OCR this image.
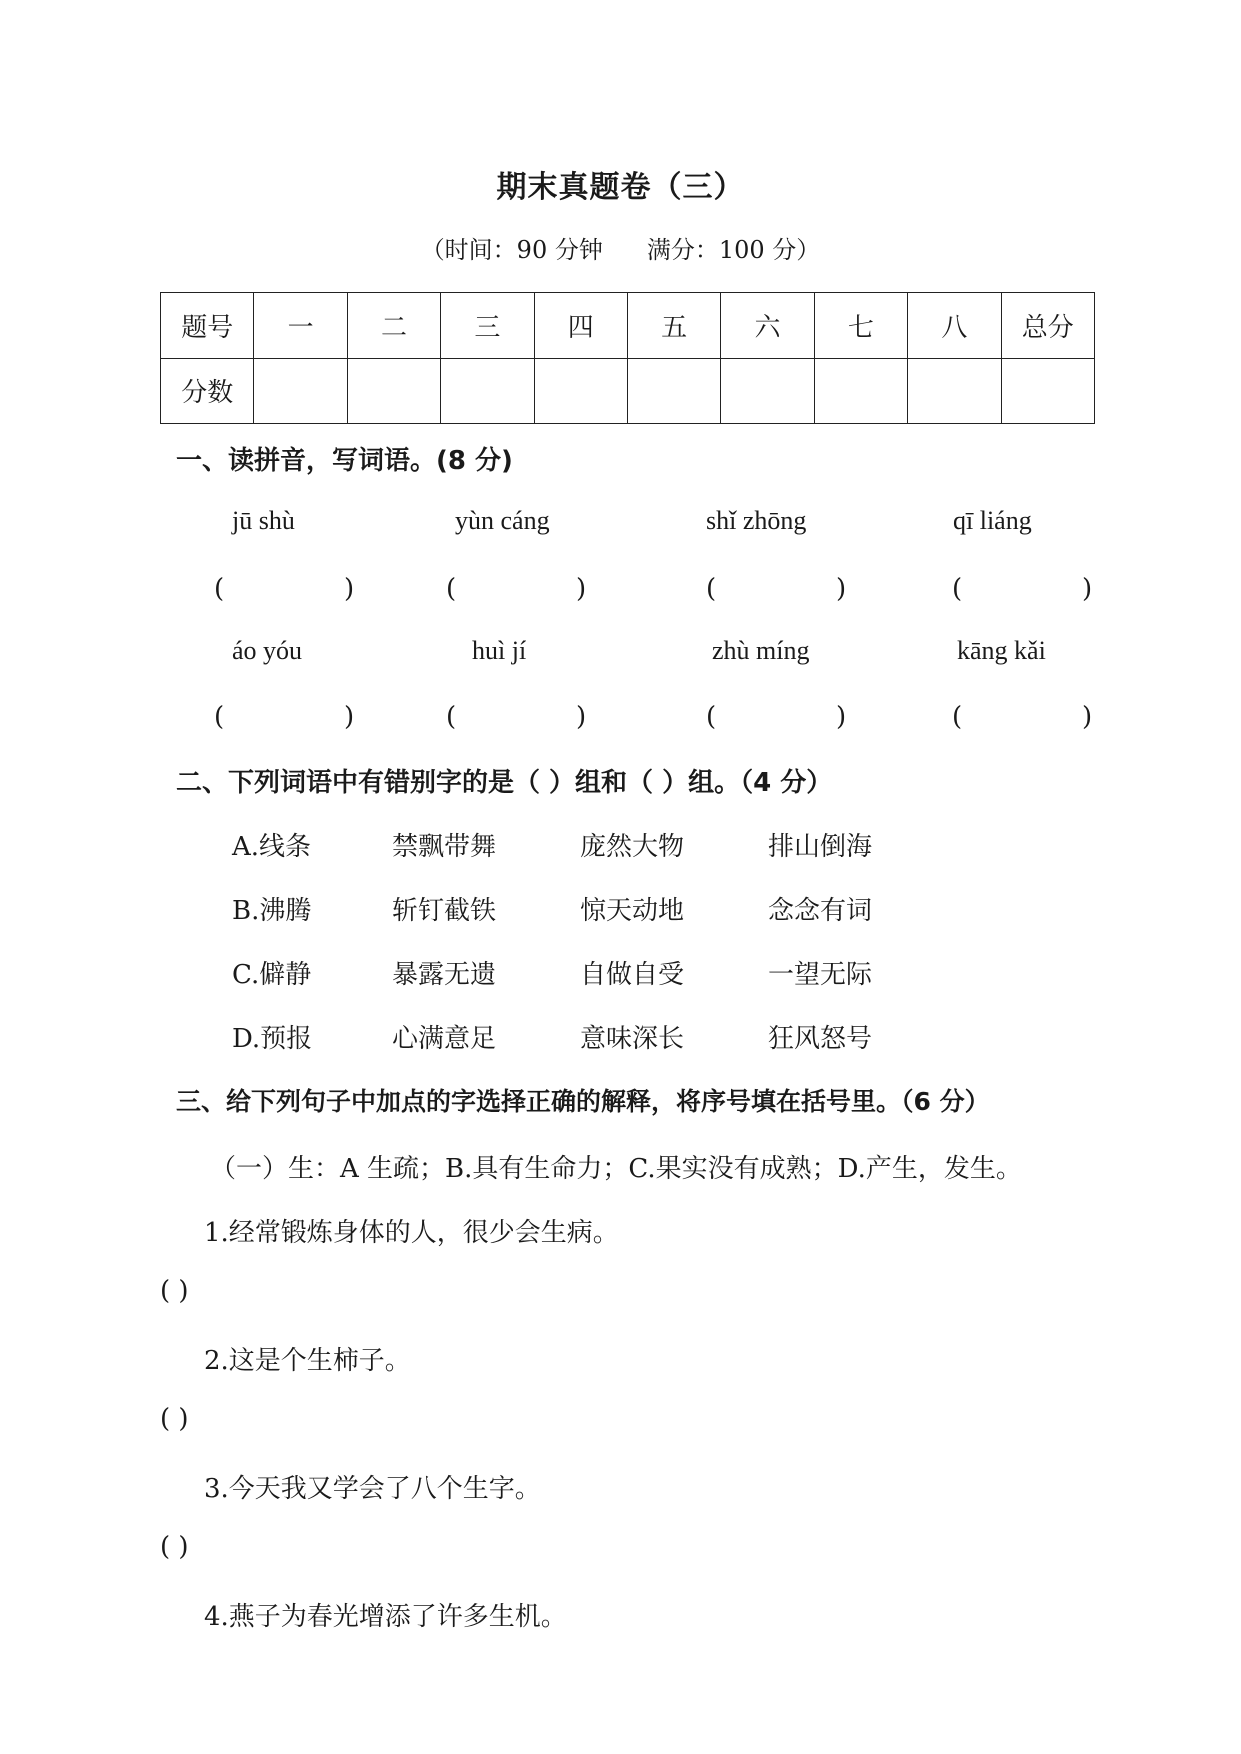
期末真题卷（三）
（时间：90 分钟 满分：100 分）
题号	一	二	三	四	五	六	七	八	总分
分数									
一、读拼音，写词语。(8 分)
jū shù	yùn cáng	shǐ zhōng	qī liáng
(	)	(	)	(	)	(	)
áo yóu	huì jí	zhù míng	kāng kǎi
(	)	(	)	(	)	(	)
二、下列词语中有错别字的是（ ）组和（ ）组。（4 分）
A.线条	禁飘带舞	庞然大物	排山倒海
B.沸腾	斩钉截铁	惊天动地	念念有词
C.僻静	暴露无遗	自做自受	一望无际
D.预报	心满意足	意味深长	狂风怒号
三、给下列句子中加点的字选择正确的解释，将序号填在括号里。（6 分）
（一）生：A 生疏；B.具有生命力；C.果实没有成熟；D.产生，发生。
1.经常锻炼身体的人，很少会生病。
( )
2.这是个生柿子。
( )
3.今天我又学会了八个生字。
( )
4.燕子为春光增添了许多生机。
